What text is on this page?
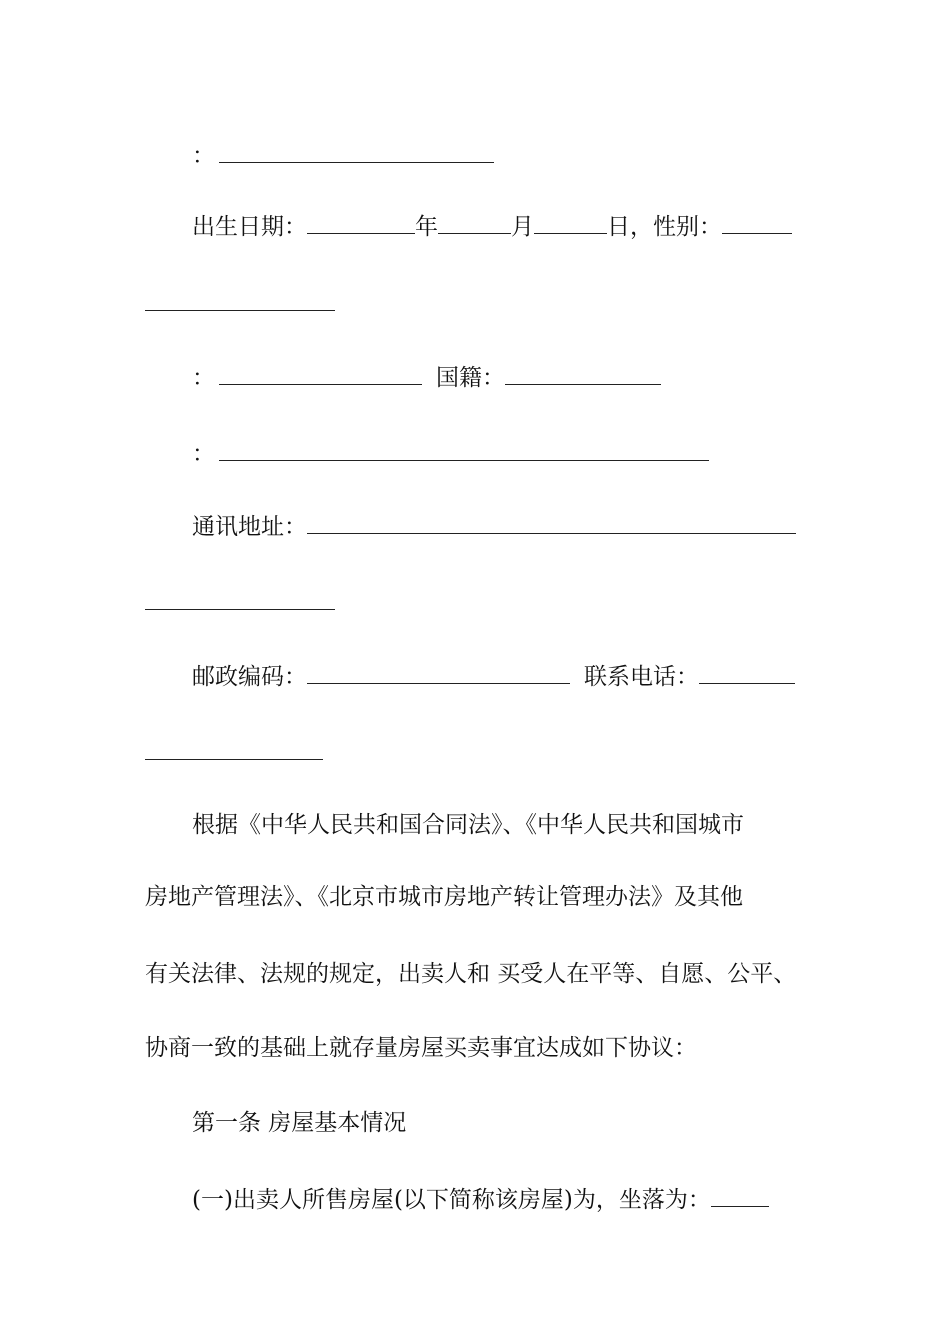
：
出生日期：	年	月	日，性别：
：	国籍：
：
通讯地址：
邮政编码：	联系电话：
根据《中华人民共和国合同法》、《中华人民共和国城市
房地产管理法》、《北京市城市房地产转让管理办法》及其他
有关法律、法规的规定，出卖人和 买受人在平等、自愿、公平、
协商一致的基础上就存量房屋买卖事宜达成如下协议：
第一条 房屋基本情况
(一)出卖人所售房屋(以下简称该房屋)为，坐落为：
